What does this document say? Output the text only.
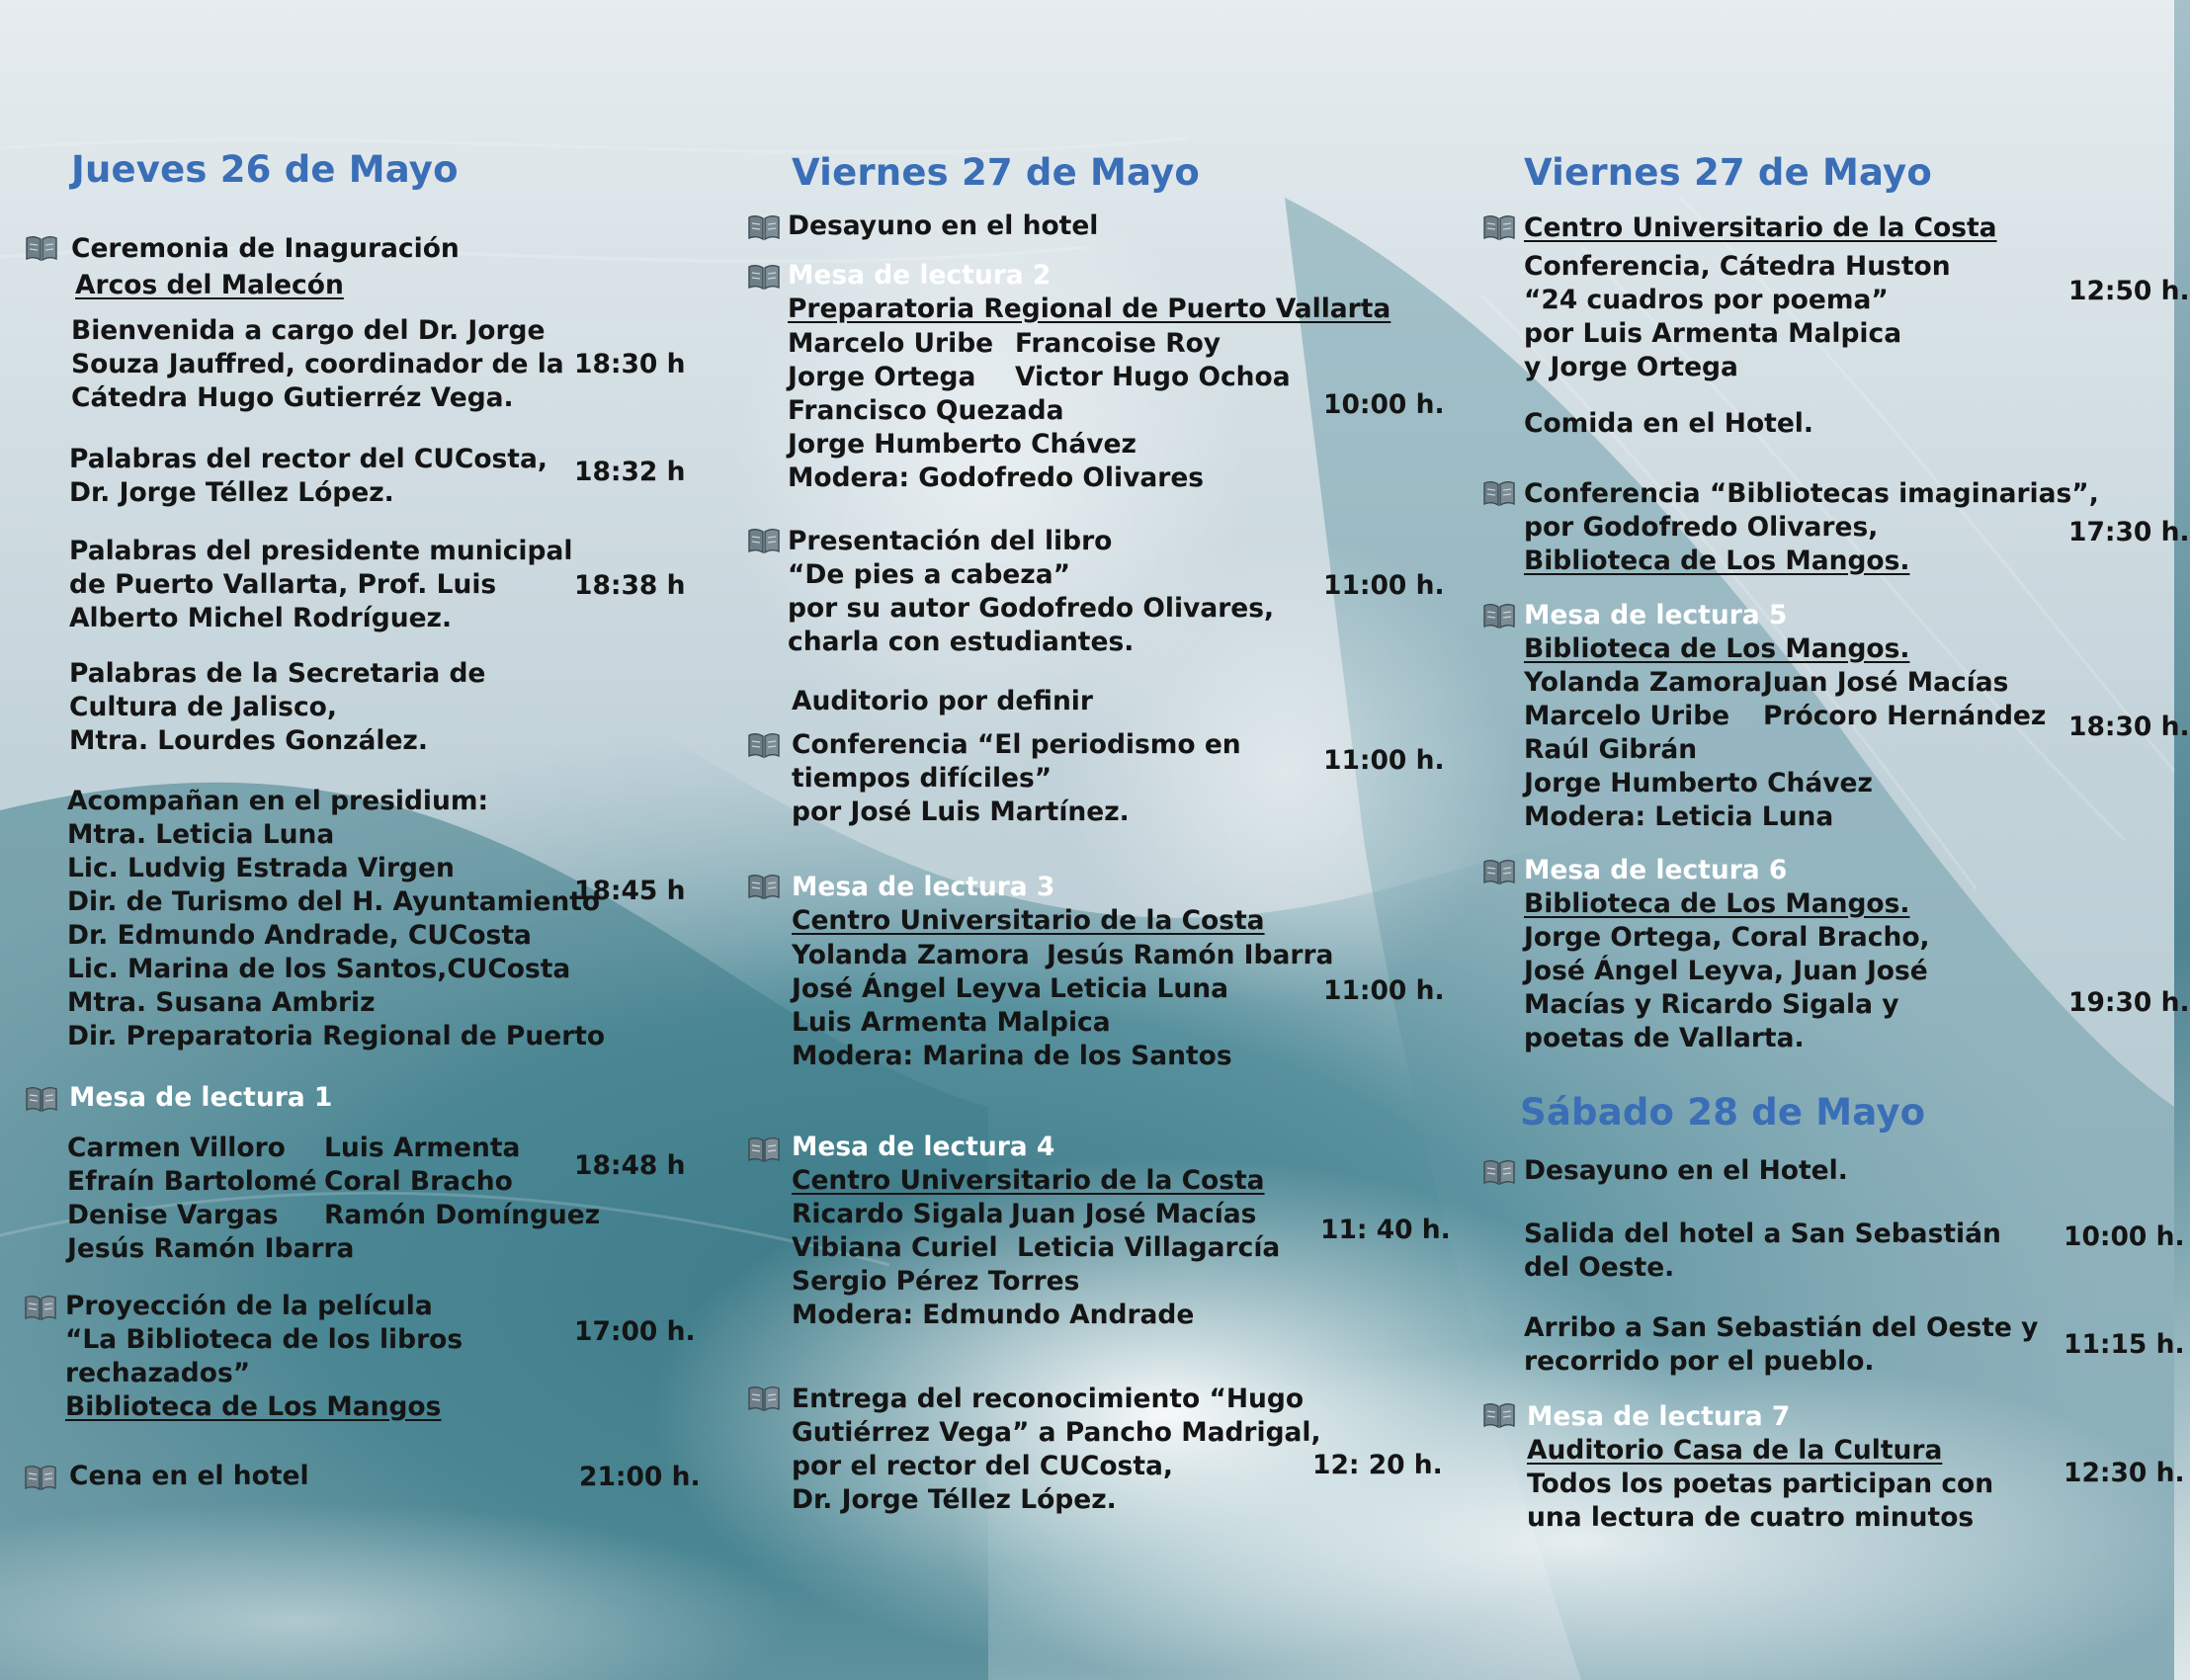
Jueves 26 de Mayo
Ceremonia de Inaguración
Arcos del Malecón
Bienvenida a cargo del Dr. Jorge
Souza Jauffred, coordinador de la
Cátedra Hugo Gutierréz Vega.
18:30 h
Palabras del rector del CUCosta,
Dr. Jorge Téllez López.
18:32 h
Palabras del presidente municipal
de Puerto Vallarta, Prof. Luis
Alberto Michel Rodríguez.
18:38 h
Palabras de la Secretaria de
Cultura de Jalisco,
Mtra. Lourdes González.
Acompañan en el presidium:
Mtra. Leticia Luna
Lic. Ludvig Estrada Virgen
Dir. de Turismo del H. Ayuntamiento
Dr. Edmundo Andrade, CUCosta
Lic. Marina de los Santos,CUCosta
Mtra. Susana Ambriz
Dir. Preparatoria Regional de Puerto
18:45 h
Mesa de lectura 1
Carmen Villoro
Efraín Bartolomé
Denise Vargas
Jesús Ramón Ibarra
Luis Armenta
Coral Bracho
Ramón Domínguez
18:48 h
Proyección de la película
“La Biblioteca de los libros
rechazados”
Biblioteca de Los Mangos
17:00 h.
Cena en el hotel	21:00 h.
Viernes 27 de Mayo
Desayuno en el hotel
Mesa de lectura 2
Preparatoria Regional de Puerto Vallarta
Marcelo Uribe
Jorge Ortega
Francoise Roy
Victor Hugo Ochoa
Francisco Quezada
Jorge Humberto Chávez
Modera: Godofredo Olivares
10:00 h.
Presentación del libro
“De pies a cabeza”
por su autor Godofredo Olivares,
charla con estudiantes.
11:00 h.
Auditorio por definir
Conferencia “El periodismo en
tiempos difíciles”
por José Luis Martínez.
11:00 h.
Mesa de lectura 3
Centro Universitario de la Costa
Yolanda Zamora
José Ángel Leyva
Jesús Ramón Ibarra
Leticia Luna
Luis Armenta Malpica
Modera: Marina de los Santos
11:00 h.
Mesa de lectura 4
Centro Universitario de la Costa
Ricardo Sigala
Vibiana Curiel
Juan José Macías
Leticia Villagarcía
Sergio Pérez Torres
Modera: Edmundo Andrade
11: 40 h.
Entrega del reconocimiento “Hugo
Gutiérrez Vega” a Pancho Madrigal,
por el rector del CUCosta,
Dr. Jorge Téllez López.
12: 20 h.
Viernes 27 de Mayo
Centro Universitario de la Costa
Conferencia, Cátedra Huston
“24 cuadros por poema”
por Luis Armenta Malpica
y Jorge Ortega
12:50 h.
Comida en el Hotel.
Conferencia “Bibliotecas imaginarias”,
por Godofredo Olivares,
Biblioteca de Los Mangos.
17:30 h.
Mesa de lectura 5
Biblioteca de Los Mangos.
Yolanda Zamora
Marcelo Uribe
Juan José Macías
Prócoro Hernández
Raúl Gibrán
Jorge Humberto Chávez
Modera: Leticia Luna
18:30 h.
Mesa de lectura 6
Biblioteca de Los Mangos.
Jorge Ortega, Coral Bracho,
José Ángel Leyva, Juan José
Macías y Ricardo Sigala y
poetas de Vallarta.
19:30 h.
Sábado 28 de Mayo
Desayuno en el Hotel.
Salida del hotel a San Sebastián
del Oeste.
10:00 h.
Arribo a San Sebastián del Oeste y
recorrido por el pueblo.
11:15 h.
Mesa de lectura 7
Auditorio Casa de la Cultura
Todos los poetas participan con
una lectura de cuatro minutos
12:30 h.
